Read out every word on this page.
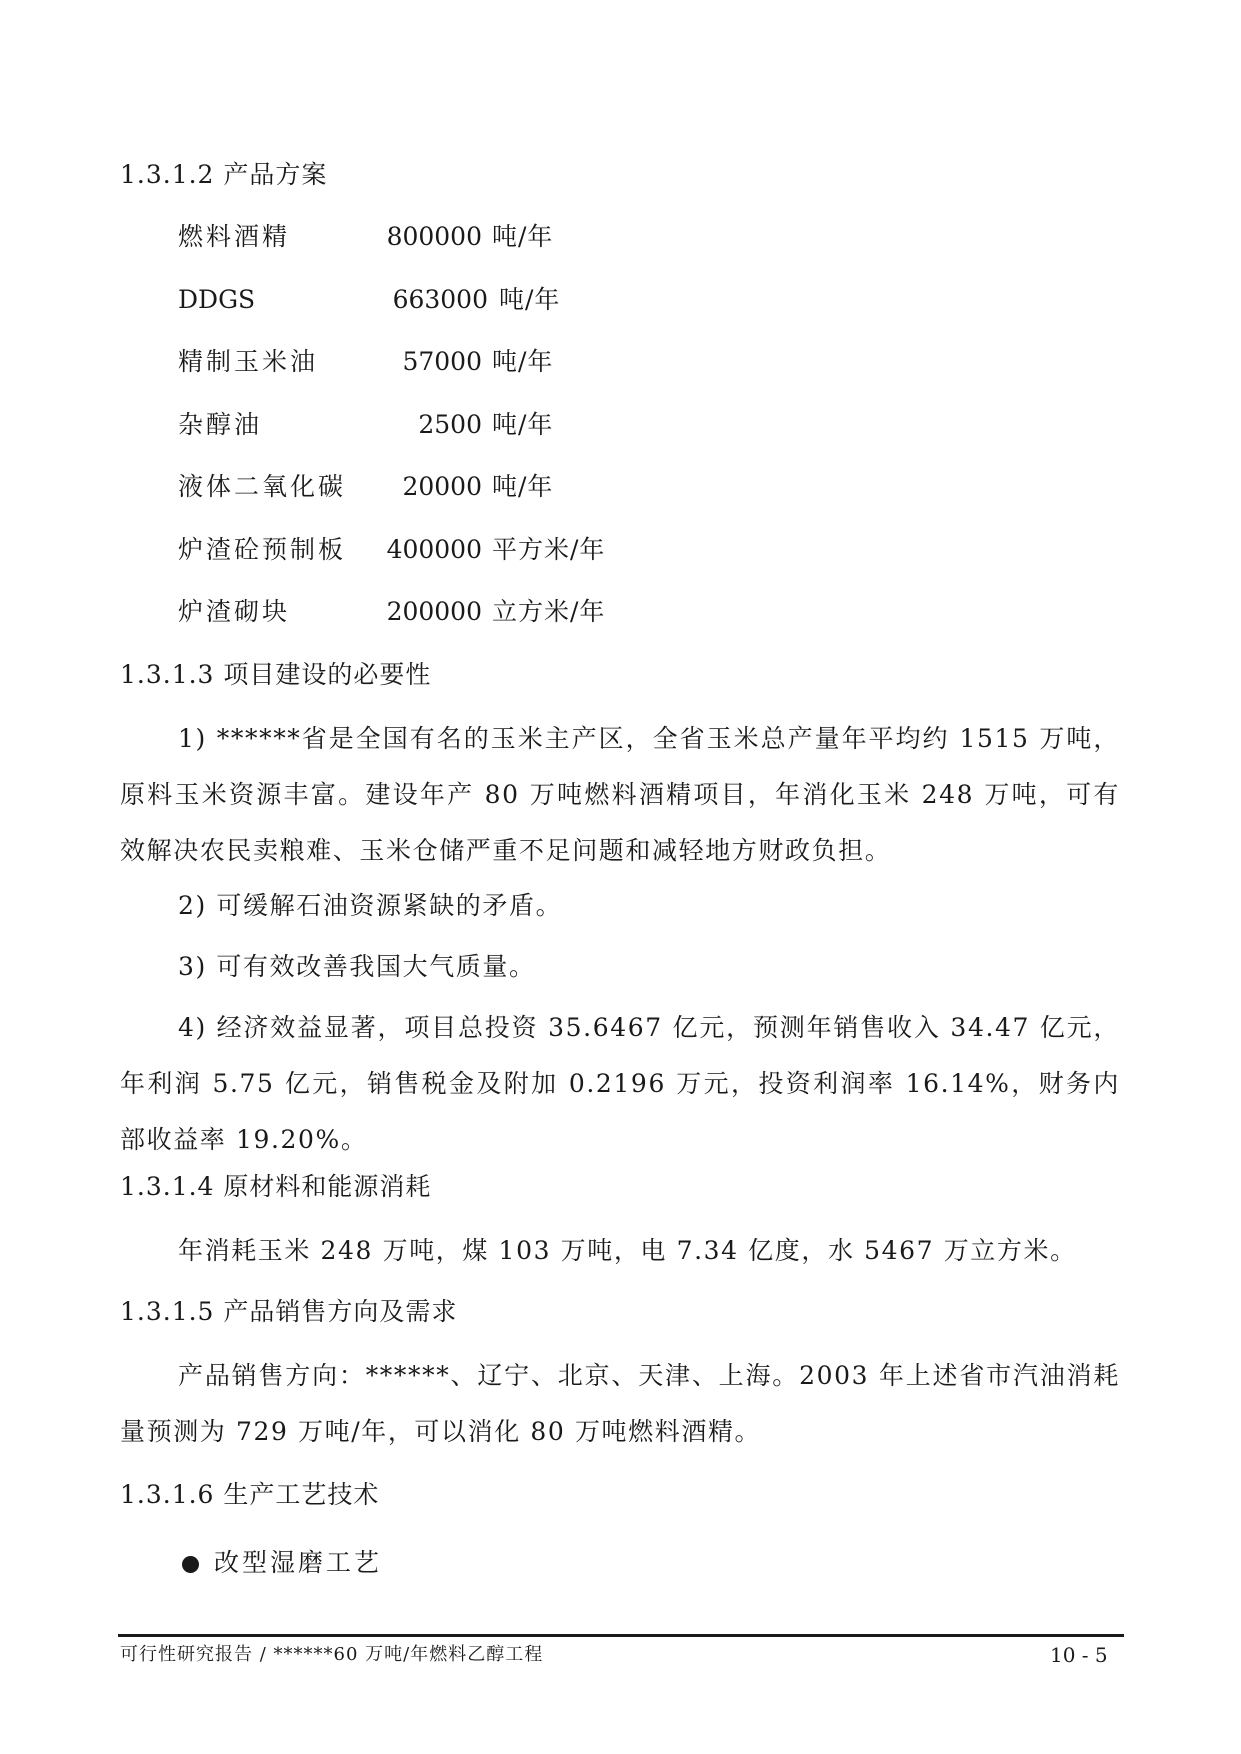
1.3.1.2 产品方案
燃料酒精	800000 吨/年
DDGS	663000 吨/年
精制玉米油	57000 吨/年
杂醇油	2500 吨/年
液体二氧化碳	20000 吨/年
炉渣砼预制板	400000 平方米/年
炉渣砌块	200000 立方米/年
1.3.1.3 项目建设的必要性
1) ******省是全国有名的玉米主产区，全省玉米总产量年平均约 1515 万吨，原料玉米资源丰富。建设年产 80 万吨燃料酒精项目，年消化玉米 248 万吨，可有效解决农民卖粮难、玉米仓储严重不足问题和减轻地方财政负担。
2) 可缓解石油资源紧缺的矛盾。
3) 可有效改善我国大气质量。
4) 经济效益显著，项目总投资 35.6467 亿元，预测年销售收入 34.47 亿元，年利润 5.75 亿元，销售税金及附加 0.2196 万元，投资利润率 16.14%，财务内部收益率 19.20%。
1.3.1.4 原材料和能源消耗
年消耗玉米 248 万吨，煤 103 万吨，电 7.34 亿度，水 5467 万立方米。
1.3.1.5 产品销售方向及需求
产品销售方向：******、辽宁、北京、天津、上海。2003 年上述省市汽油消耗量预测为 729 万吨/年，可以消化 80 万吨燃料酒精。
1.3.1.6 生产工艺技术
改型湿磨工艺
可行性研究报告 / ******60 万吨/年燃料乙醇工程	10 - 5
